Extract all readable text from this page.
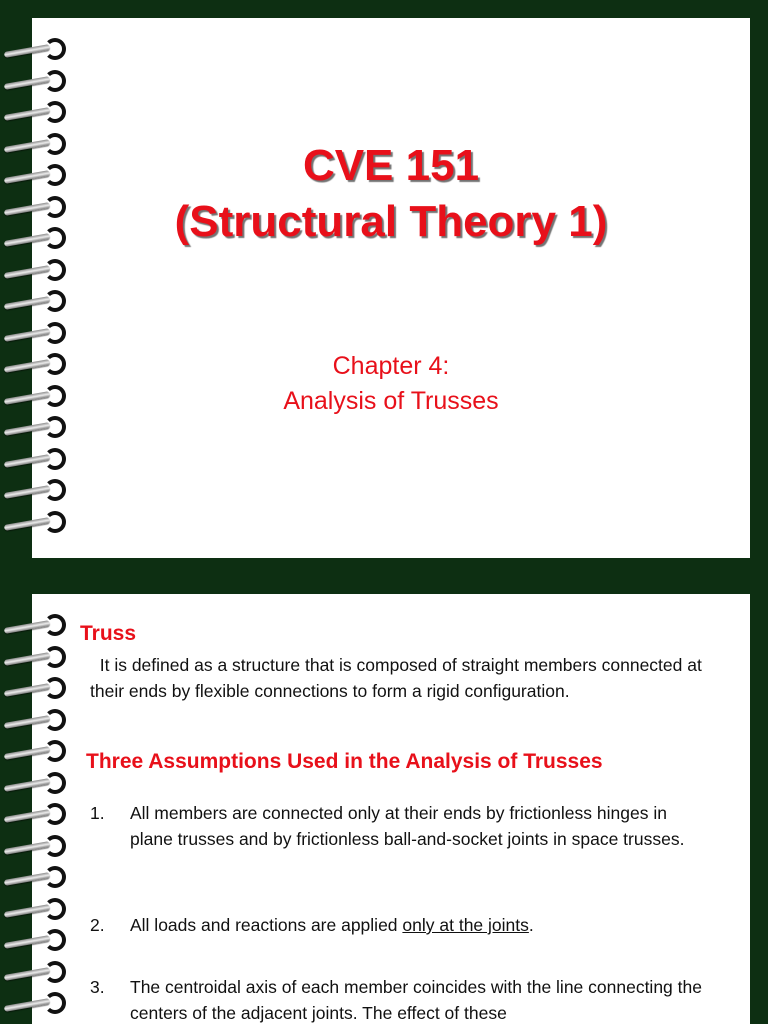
CVE 151
(Structural Theory 1)
Chapter 4:
Analysis of Trusses
Truss
It is defined as a structure that is composed of straight members connected at their ends by flexible connections to form a rigid configuration.
Three Assumptions Used in the Analysis of Trusses
1.	All members are connected only at their ends by frictionless hinges in plane trusses and by frictionless ball-and-socket joints in space trusses.
2.	All loads and reactions are applied only at the joints.
3.	The centroidal axis of each member coincides with the line connecting the centers of the adjacent joints. The effect of these
